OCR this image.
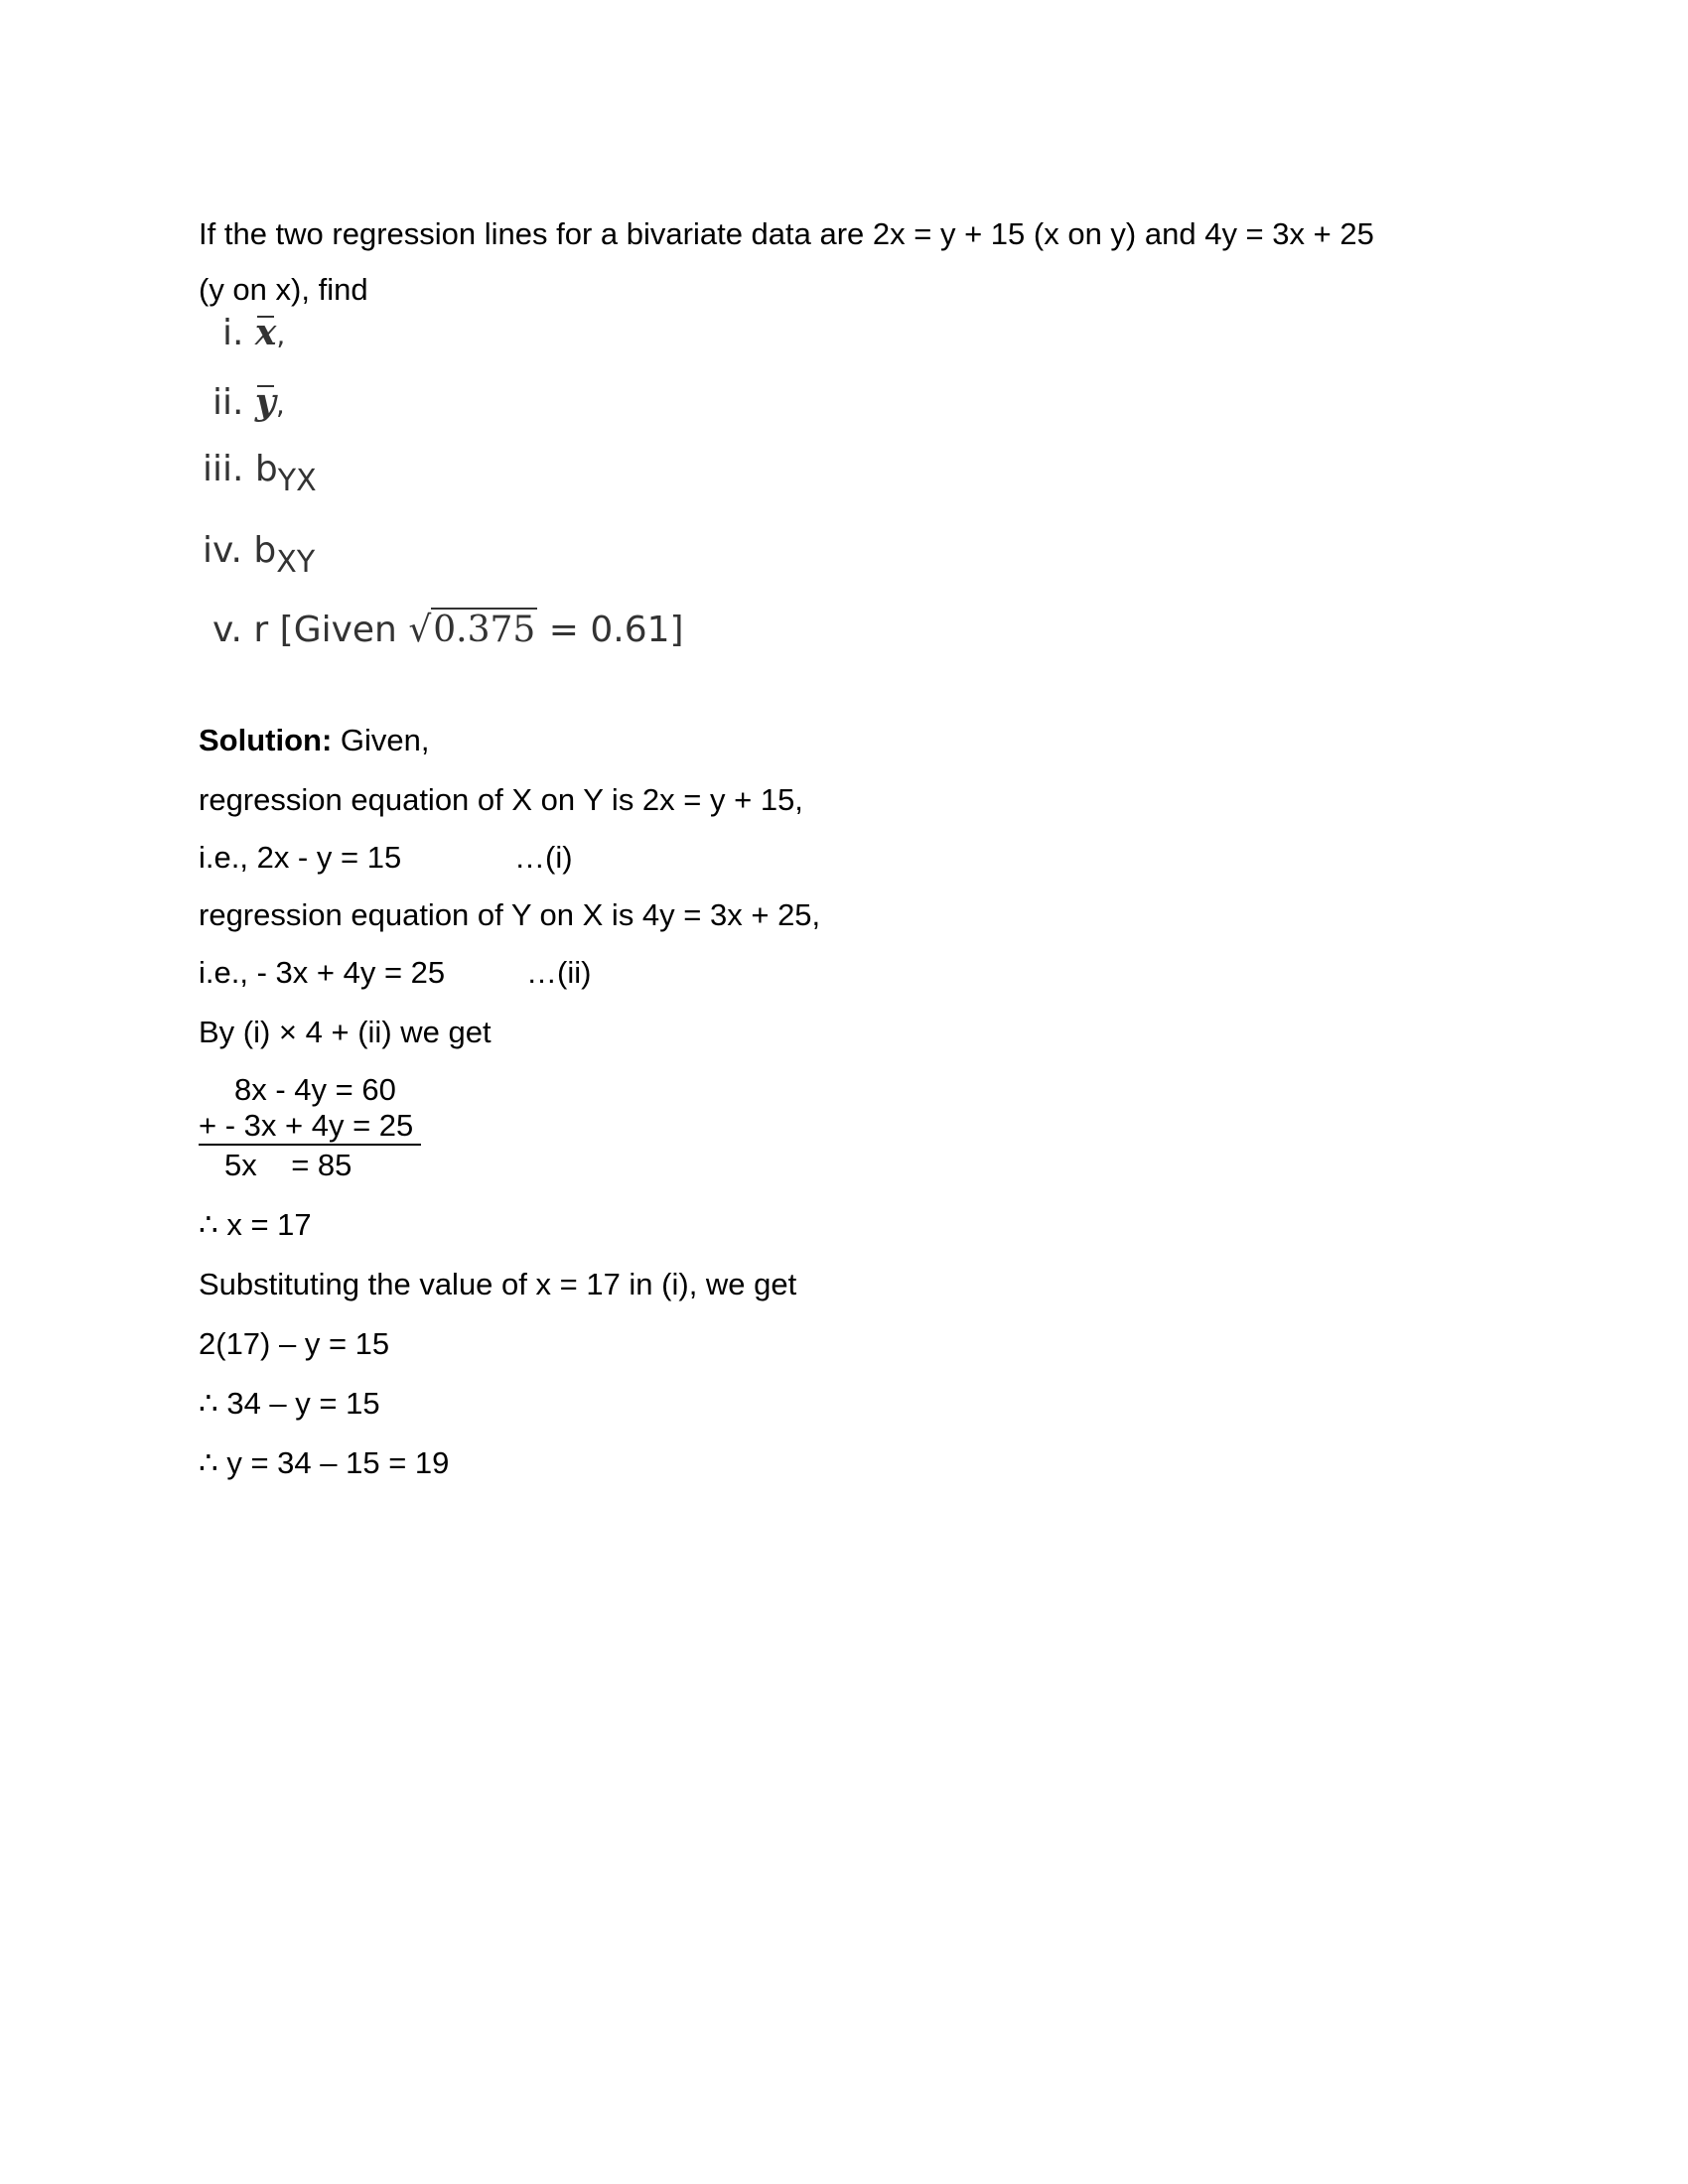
If the two regression lines for a bivariate data are 2x = y + 15 (x on y) and 4y = 3x + 25
(y on x), find
i. x,
ii. y,
iii. $b_{YX}$
iv. $b_{XY}$
v. r [Given √0.375 = 0.61]
Solution: Given,
regression equation of X on Y is 2x = y + 15,
i.e., 2x - y = 15	…(i)
regression equation of Y on X is 4y = 3x + 25,
i.e., - 3x + 4y = 25	…(ii)
By (i) × 4 + (ii) we get
8x - 4y = 60
+ - 3x + 4y = 25
5x    = 85
∴ x = 17
Substituting the value of x = 17 in (i), we get
2(17) – y = 15
∴ 34 – y = 15
∴ y = 34 – 15 = 19
